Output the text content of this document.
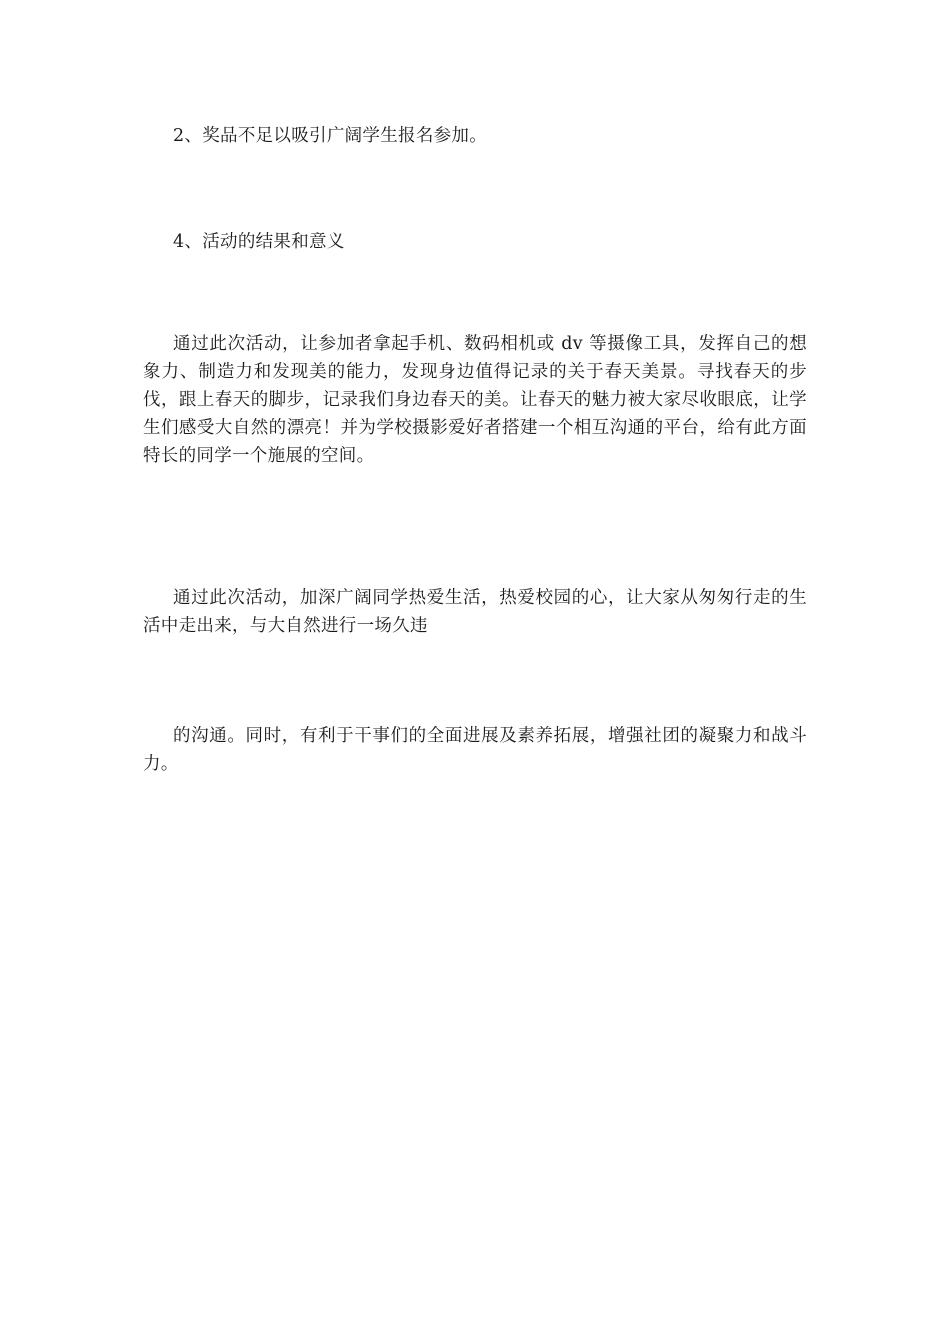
2、奖品不足以吸引广阔学生报名参加。

4、活动的结果和意义

通过此次活动，让参加者拿起手机、数码相机或 dv 等摄像工具，发挥自己的想象力、制造力和发现美的能力，发现身边值得记录的关于春天美景。寻找春天的步伐，跟上春天的脚步，记录我们身边春天的美。让春天的魅力被大家尽收眼底，让学生们感受大自然的漂亮！并为学校摄影爱好者搭建一个相互沟通的平台，给有此方面特长的同学一个施展的空间。

通过此次活动，加深广阔同学热爱生活，热爱校园的心，让大家从匆匆行走的生活中走出来，与大自然进行一场久违

的沟通。同时，有利于干事们的全面进展及素养拓展，增强社团的凝聚力和战斗力。
